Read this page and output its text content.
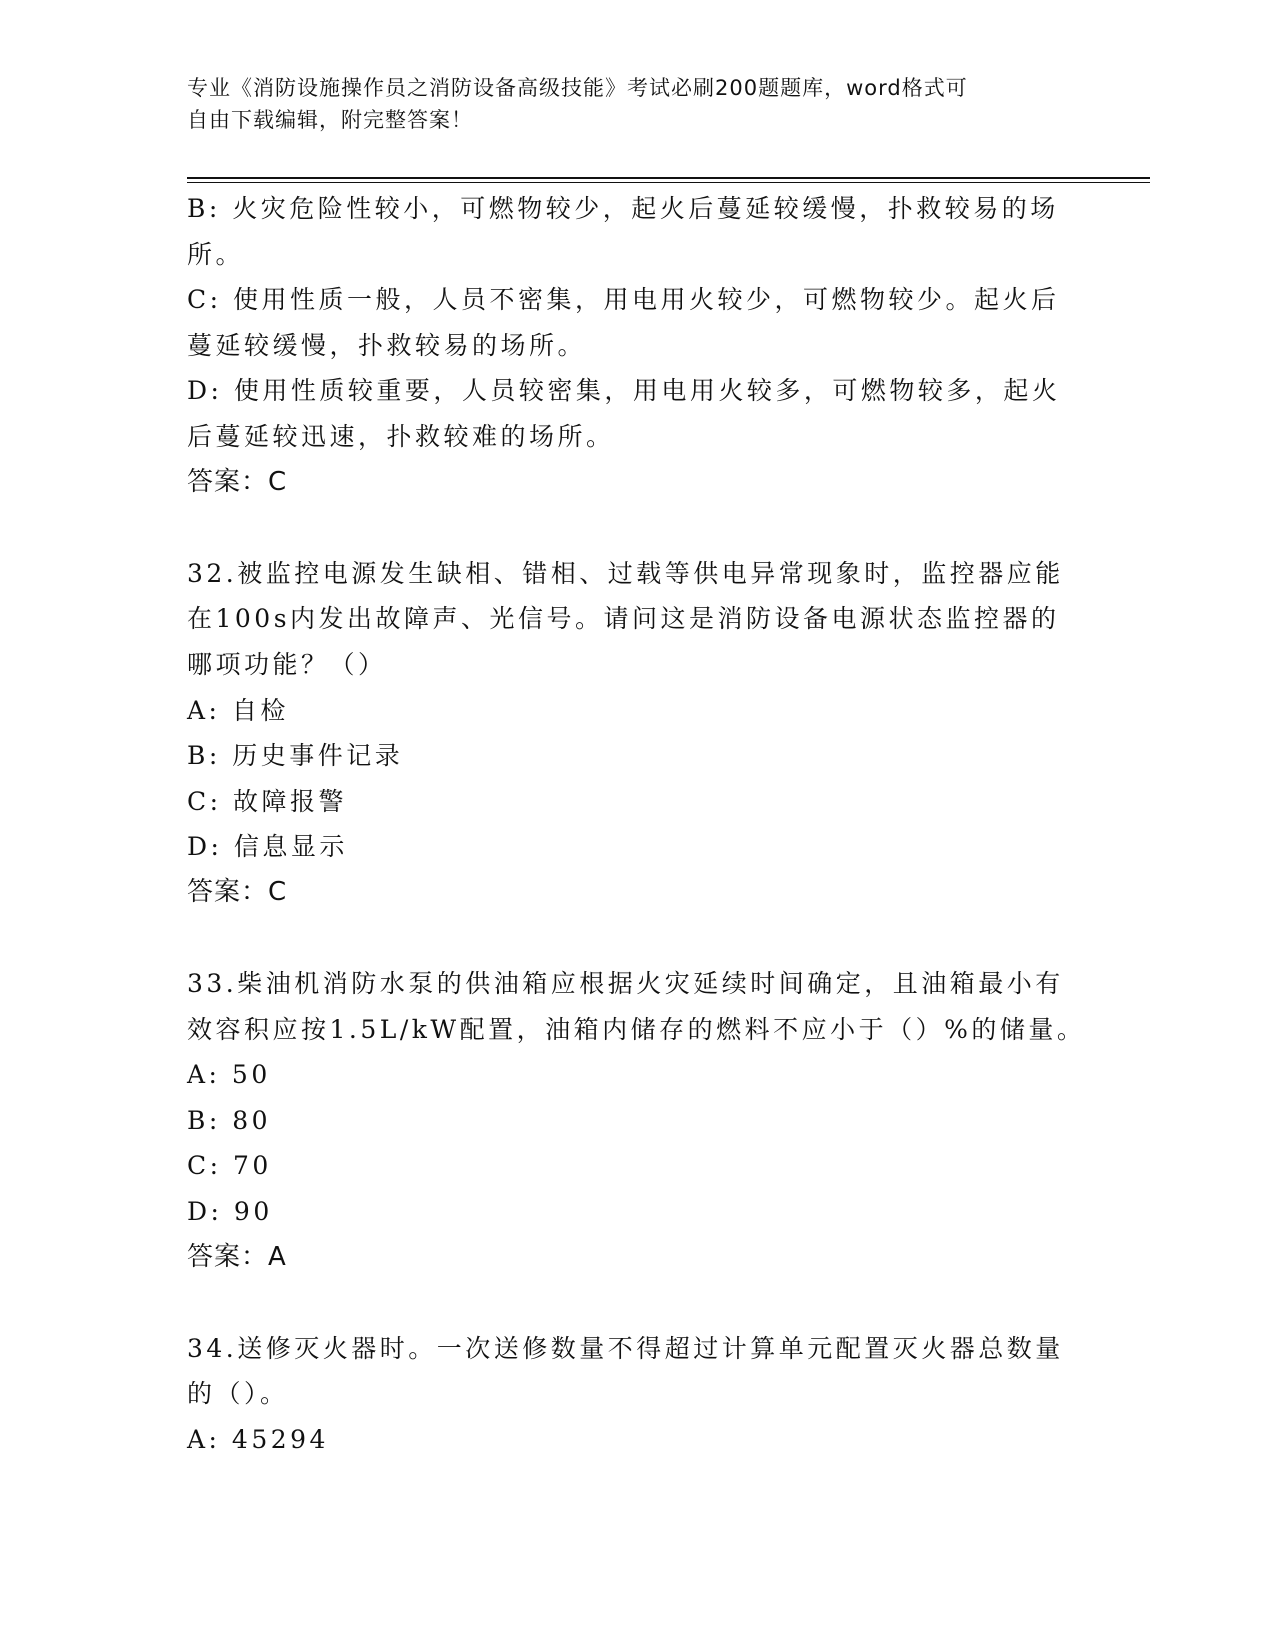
专业《消防设施操作员之消防设备高级技能》考试必刷200题题库，word格式可
自由下载编辑，附完整答案！
B: 火灾危险性较小，可燃物较少，起火后蔓延较缓慢，扑救较易的场
所。
C: 使用性质一般，人员不密集，用电用火较少，可燃物较少。起火后
蔓延较缓慢，扑救较易的场所。
D: 使用性质较重要，人员较密集，用电用火较多，可燃物较多，起火
后蔓延较迅速，扑救较难的场所。
答案：C
32.被监控电源发生缺相、错相、过载等供电异常现象时，监控器应能
在100s内发出故障声、光信号。请问这是消防设备电源状态监控器的
哪项功能？（）
A: 自检
B: 历史事件记录
C: 故障报警
D: 信息显示
答案：C
33.柴油机消防水泵的供油箱应根据火灾延续时间确定，且油箱最小有
效容积应按1.5L/kW配置，油箱内储存的燃料不应小于（）%的储量。
A: 50
B: 80
C: 70
D: 90
答案：A
34.送修灭火器时。一次送修数量不得超过计算单元配置灭火器总数量
的（）。
A: 45294
